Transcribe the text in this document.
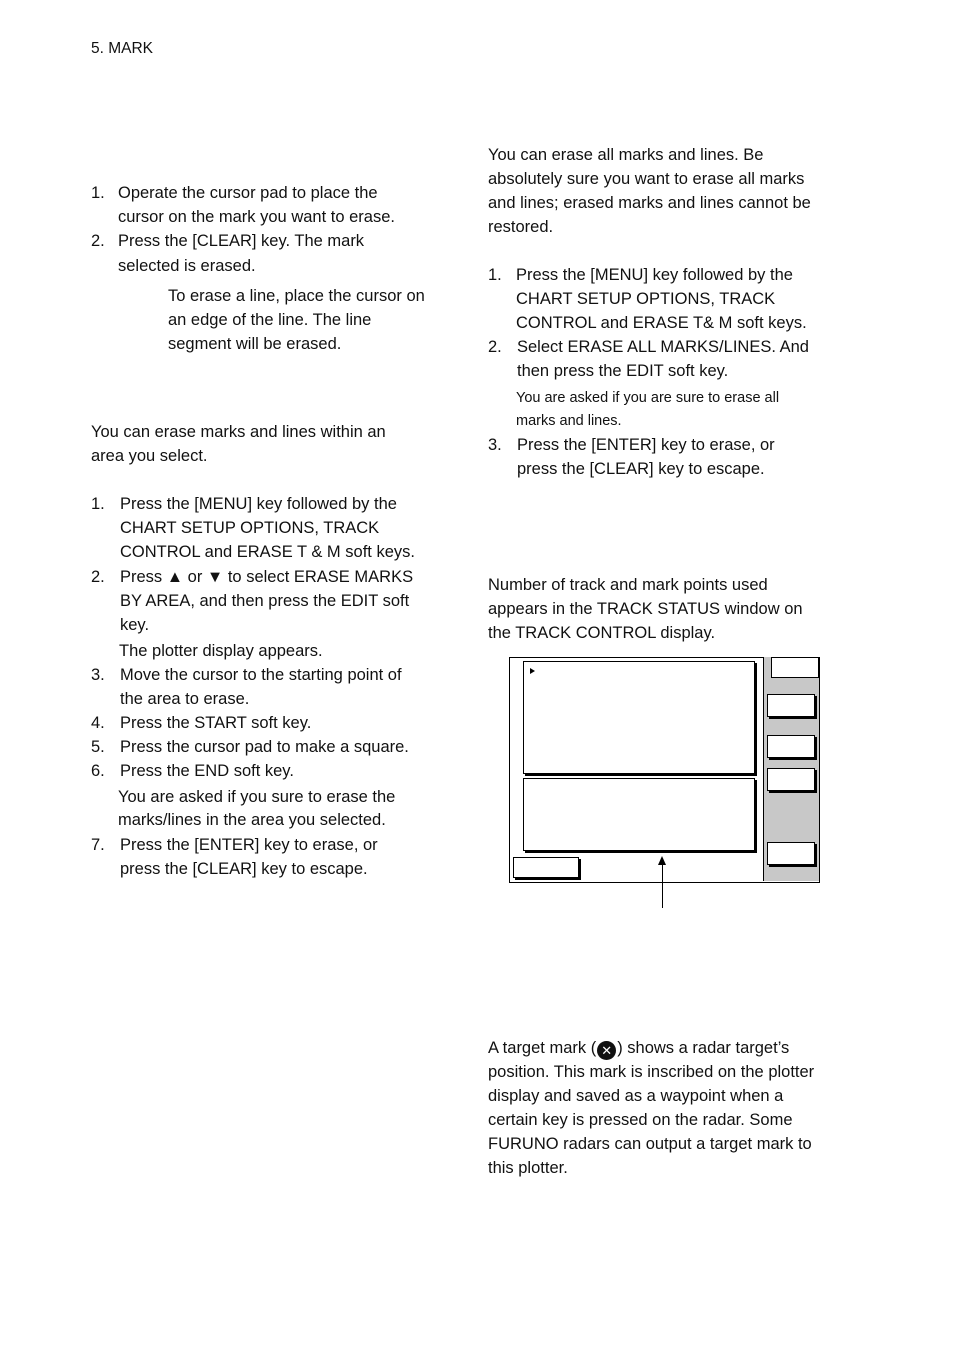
5. MARK
1. Operate the cursor pad to place the
cursor on the mark you want to erase.
2. Press the [CLEAR] key. The mark
selected is erased.
To erase a line, place the cursor on
an edge of the line. The line
segment will be erased.
You can erase marks and lines within an
area you select.
1. Press the [MENU] key followed by the
CHART SETUP OPTIONS, TRACK
CONTROL and ERASE T & M soft keys.
2. Press ▲ or ▼ to select ERASE MARKS
BY AREA, and then press the EDIT soft
key.
The plotter display appears.
3. Move the cursor to the starting point of
the area to erase.
4. Press the START soft key.
5. Press the cursor pad to make a square.
6. Press the END soft key.
You are asked if you sure to erase the
marks/lines in the area you selected.
7. Press the [ENTER] key to erase, or
press the [CLEAR] key to escape.
You can erase all marks and lines. Be
absolutely sure you want to erase all marks
and lines; erased marks and lines cannot be
restored.
1. Press the [MENU] key followed by the
CHART SETUP OPTIONS, TRACK
CONTROL and ERASE T& M soft keys.
2. Select ERASE ALL MARKS/LINES. And
then press the EDIT soft key.
You are asked if you are sure to erase all
marks and lines.
3. Press the [ENTER] key to erase, or
press the [CLEAR] key to escape.
Number of track and mark points used
appears in the TRACK STATUS window on
the TRACK CONTROL display.
A target mark ( ✕ ) shows a radar target’s
position. This mark is inscribed on the plotter
display and saved as a waypoint when a
certain key is pressed on the radar. Some
FURUNO radars can output a target mark to
this plotter.
